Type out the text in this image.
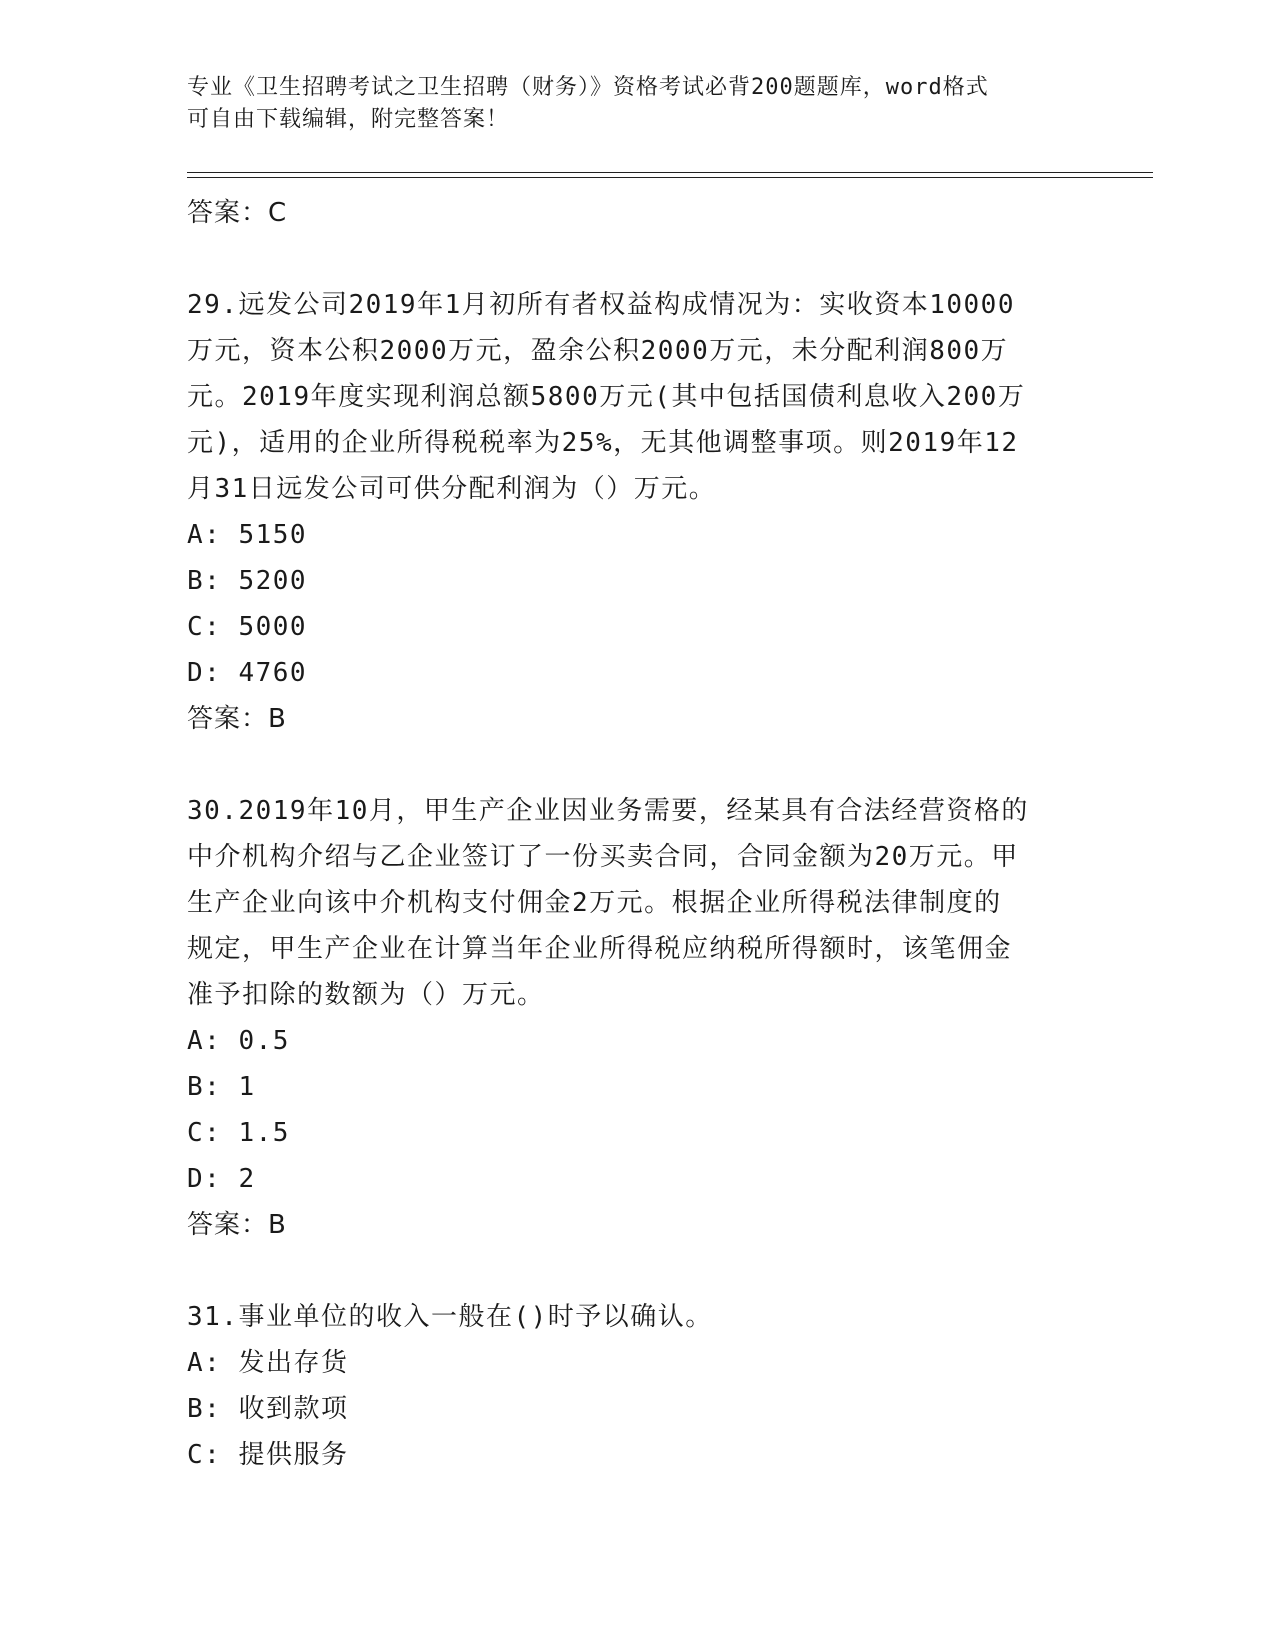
专业《卫生招聘考试之卫生招聘（财务）》资格考试必背200题题库，word格式
可自由下载编辑，附完整答案！
答案：C
29.远发公司2019年1月初所有者权益构成情况为：实收资本10000
万元，资本公积2000万元，盈余公积2000万元，未分配利润800万
元。2019年度实现利润总额5800万元(其中包括国债利息收入200万
元)，适用的企业所得税税率为25%，无其他调整事项。则2019年12
月31日远发公司可供分配利润为（）万元。
A: 5150
B: 5200
C: 5000
D: 4760
答案：B
30.2019年10月，甲生产企业因业务需要，经某具有合法经营资格的
中介机构介绍与乙企业签订了一份买卖合同，合同金额为20万元。甲
生产企业向该中介机构支付佣金2万元。根据企业所得税法律制度的
规定，甲生产企业在计算当年企业所得税应纳税所得额时，该笔佣金
准予扣除的数额为（）万元。
A: 0.5
B: 1
C: 1.5
D: 2
答案：B
31.事业单位的收入一般在()时予以确认。
A: 发出存货
B: 收到款项
C: 提供服务
